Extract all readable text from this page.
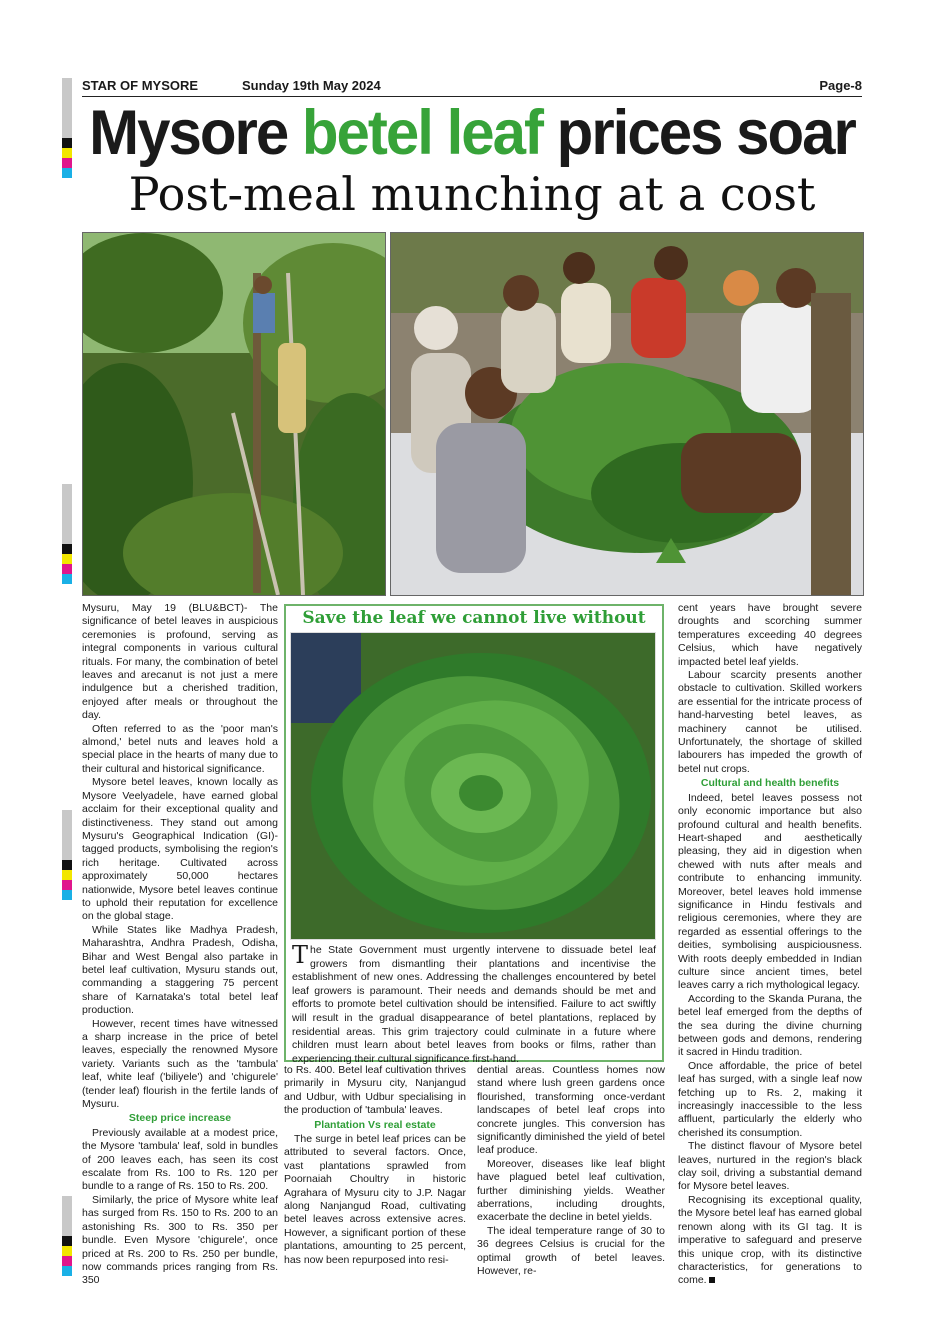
STAR OF MYSORE	Sunday 19th May 2024	Page-8
Mysore betel leaf prices soar
Post-meal munching at a cost

Mysuru, May 19 (BLU&BCT)- The significance of betel leaves in auspicious ceremonies is profound, serving as integral components in various cultural rituals. For many, the combination of betel leaves and arecanut is not just a mere indulgence but a cherished tradition, enjoyed after meals or throughout the day.

Often referred to as the 'poor man's almond,' betel nuts and leaves hold a special place in the hearts of many due to their cultural and historical significance.

Mysore betel leaves, known locally as Mysore Veelyadele, have earned global acclaim for their exceptional quality and distinctiveness. They stand out among Mysuru's Geographical Indication (GI)-tagged products, symbolising the region's rich heritage. Cultivated across approximately 50,000 hectares nationwide, Mysore betel leaves continue to uphold their reputation for excellence on the global stage.

While States like Madhya Pradesh, Maharashtra, Andhra Pradesh, Odisha, Bihar and West Bengal also partake in betel leaf cultivation, Mysuru stands out, commanding a staggering 75 percent share of Karnataka's total betel leaf production.

However, recent times have witnessed a sharp increase in the price of betel leaves, especially the renowned Mysore variety. Variants such as the 'tambula' leaf, white leaf ('biliyele') and 'chigurele' (tender leaf) flourish in the fertile lands of Mysuru.

Steep price increase

Previously available at a modest price, the Mysore 'tambula' leaf, sold in bundles of 200 leaves each, has seen its cost escalate from Rs. 100 to Rs. 120 per bundle to a range of Rs. 150 to Rs. 200.

Similarly, the price of Mysore white leaf has surged from Rs. 150 to Rs. 200 to an astonishing Rs. 300 to Rs. 350 per bundle. Even Mysore 'chigurele', once priced at Rs. 200 to Rs. 250 per bundle, now commands prices ranging from Rs. 350

Save the leaf we cannot live without
The State Government must urgently intervene to dissuade betel leaf growers from dismantling their plantations and incentivise the establishment of new ones. Addressing the challenges encountered by betel leaf growers is paramount. Their needs and demands should be met and efforts to promote betel cultivation should be intensified. Failure to act swiftly will result in the gradual disappearance of betel plantations, replaced by residential areas. This grim trajectory could culminate in a future where children must learn about betel leaves from books or films, rather than experiencing their cultural significance first-hand.

to Rs. 400. Betel leaf cultivation thrives primarily in Mysuru city, Nanjangud and Udbur, with Udbur specialising in the production of 'tambula' leaves.

Plantation Vs real estate

The surge in betel leaf prices can be attributed to several factors. Once, vast plantations sprawled from Poornaiah Choultry in historic Agrahara of Mysuru city to J.P. Nagar along Nanjangud Road, cultivating betel leaves across extensive acres. However, a significant portion of these plantations, amounting to 25 percent, has now been repurposed into resi-

dential areas. Countless homes now stand where lush green gardens once flourished, transforming once-verdant landscapes of betel leaf crops into concrete jungles. This conversion has significantly diminished the yield of betel leaf produce.

Moreover, diseases like leaf blight have plagued betel leaf cultivation, further diminishing yields. Weather aberrations, including droughts, exacerbate the decline in betel yields.

The ideal temperature range of 30 to 36 degrees Celsius is crucial for the optimal growth of betel leaves. However, re-

cent years have brought severe droughts and scorching summer temperatures exceeding 40 degrees Celsius, which have negatively impacted betel leaf yields.

Labour scarcity presents another obstacle to cultivation. Skilled workers are essential for the intricate process of hand-harvesting betel leaves, as machinery cannot be utilised. Unfortunately, the shortage of skilled labourers has impeded the growth of betel nut crops.

Cultural and health benefits

Indeed, betel leaves possess not only economic importance but also profound cultural and health benefits. Heart-shaped and aesthetically pleasing, they aid in digestion when chewed with nuts after meals and contribute to enhancing immunity. Moreover, betel leaves hold immense significance in Hindu festivals and religious ceremonies, where they are regarded as essential offerings to the deities, symbolising auspiciousness. With roots deeply embedded in Indian culture since ancient times, betel leaves carry a rich mythological legacy.

According to the Skanda Purana, the betel leaf emerged from the depths of the sea during the divine churning between gods and demons, rendering it sacred in Hindu tradition.

Once affordable, the price of betel leaf has surged, with a single leaf now fetching up to Rs. 2, making it increasingly inaccessible to the less affluent, particularly the elderly who cherished its consumption.

The distinct flavour of Mysore betel leaves, nurtured in the region's black clay soil, driving a substantial demand for Mysore betel leaves.

Recognising its exceptional quality, the Mysore betel leaf has earned global renown along with its GI tag. It is imperative to safeguard and preserve this unique crop, with its distinctive characteristics, for generations to come.
